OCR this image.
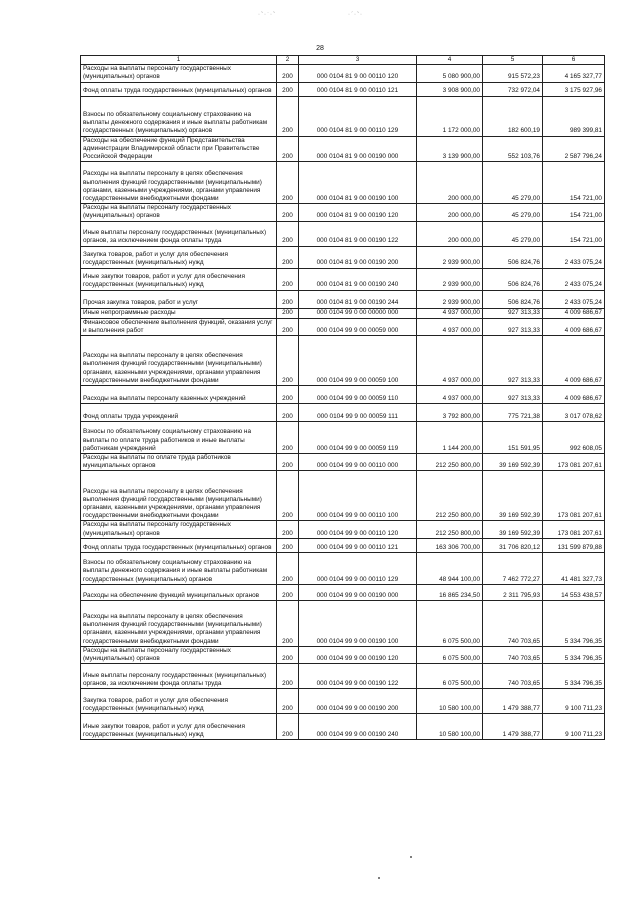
·˜·˙·˜	·´·˜·
28
1	2	3	4	5	6
Расходы на выплаты персоналу государственных (муниципальных) органов	200	000 0104 81 9 00 00110 120	5 080 900,00	915 572,23	4 165 327,77
Фонд оплаты труда государственных (муниципальных) органов	200	000 0104 81 9 00 00110 121	3 908 900,00	732 972,04	3 175 927,96
Взносы по обязательному социальному страхованию на выплаты денежного содержания и иные выплаты работникам государственных (муниципальных) органов	200	000 0104 81 9 00 00110 129	1 172 000,00	182 600,19	989 399,81
Расходы на обеспечение функций Представительства администрации Владимирской области при Правительстве Российской Федерации	200	000 0104 81 9 00 00190 000	3 139 900,00	552 103,76	2 587 796,24
Расходы на выплаты персоналу в целях обеспечения выполнения функций государственными (муниципальными) органами, казенными учреждениями, органами управления государственными внебюджетными фондами	200	000 0104 81 9 00 00190 100	200 000,00	45 279,00	154 721,00
Расходы на выплаты персоналу государственных (муниципальных) органов	200	000 0104 81 9 00 00190 120	200 000,00	45 279,00	154 721,00
Иные выплаты персоналу государственных (муниципальных) органов, за исключением фонда оплаты труда	200	000 0104 81 9 00 00190 122	200 000,00	45 279,00	154 721,00
Закупка товаров, работ и услуг для обеспечения государственных (муниципальных) нужд	200	000 0104 81 9 00 00190 200	2 939 900,00	506 824,76	2 433 075,24
Иные закупки товаров, работ и услуг для обеспечения государственных (муниципальных) нужд	200	000 0104 81 9 00 00190 240	2 939 900,00	506 824,76	2 433 075,24
Прочая закупка товаров, работ и услуг	200	000 0104 81 9 00 00190 244	2 939 900,00	506 824,76	2 433 075,24
Иные непрограммные расходы	200	000 0104 99 0 00 00000 000	4 937 000,00	927 313,33	4 009 686,67
Финансовое обеспечение выполнения функций, оказания услуг и выполнения работ	200	000 0104 99 9 00 00059 000	4 937 000,00	927 313,33	4 009 686,67
Расходы на выплаты персоналу в целях обеспечения выполнения функций государственными (муниципальными) органами, казенными учреждениями, органами управления государственными внебюджетными фондами	200	000 0104 99 9 00 00059 100	4 937 000,00	927 313,33	4 009 686,67
Расходы на выплаты персоналу казенных учреждений	200	000 0104 99 9 00 00059 110	4 937 000,00	927 313,33	4 009 686,67
Фонд оплаты труда учреждений	200	000 0104 99 9 00 00059 111	3 792 800,00	775 721,38	3 017 078,62
Взносы по обязательному социальному страхованию на выплаты по оплате труда работников и иные выплаты работникам учреждений	200	000 0104 99 9 00 00059 119	1 144 200,00	151 591,95	992 608,05
Расходы на выплаты по оплате труда работников муниципальных органов	200	000 0104 99 9 00 00110 000	212 250 800,00	39 169 592,39	173 081 207,61
Расходы на выплаты персоналу в целях обеспечения выполнения функций государственными (муниципальными) органами, казенными учреждениями, органами управления государственными внебюджетными фондами	200	000 0104 99 9 00 00110 100	212 250 800,00	39 169 592,39	173 081 207,61
Расходы на выплаты персоналу государственных (муниципальных) органов	200	000 0104 99 9 00 00110 120	212 250 800,00	39 169 592,39	173 081 207,61
Фонд оплаты труда государственных (муниципальных) органов	200	000 0104 99 9 00 00110 121	163 306 700,00	31 706 820,12	131 599 879,88
Взносы по обязательному социальному страхованию на выплаты денежного содержания и иные выплаты работникам государственных (муниципальных) органов	200	000 0104 99 9 00 00110 129	48 944 100,00	7 462 772,27	41 481 327,73
Расходы на обеспечение функций муниципальных органов	200	000 0104 99 9 00 00190 000	16 865 234,50	2 311 795,93	14 553 438,57
Расходы на выплаты персоналу в целях обеспечения выполнения функций государственными (муниципальными) органами, казенными учреждениями, органами управления государственными внебюджетными фондами	200	000 0104 99 9 00 00190 100	6 075 500,00	740 703,65	5 334 796,35
Расходы на выплаты персоналу государственных (муниципальных) органов	200	000 0104 99 9 00 00190 120	6 075 500,00	740 703,65	5 334 796,35
Иные выплаты персоналу государственных (муниципальных) органов, за исключением фонда оплаты труда	200	000 0104 99 9 00 00190 122	6 075 500,00	740 703,65	5 334 796,35
Закупка товаров, работ и услуг для обеспечения государственных (муниципальных) нужд	200	000 0104 99 9 00 00190 200	10 580 100,00	1 479 388,77	9 100 711,23
Иные закупки товаров, работ и услуг для обеспечения государственных (муниципальных) нужд	200	000 0104 99 9 00 00190 240	10 580 100,00	1 479 388,77	9 100 711,23
